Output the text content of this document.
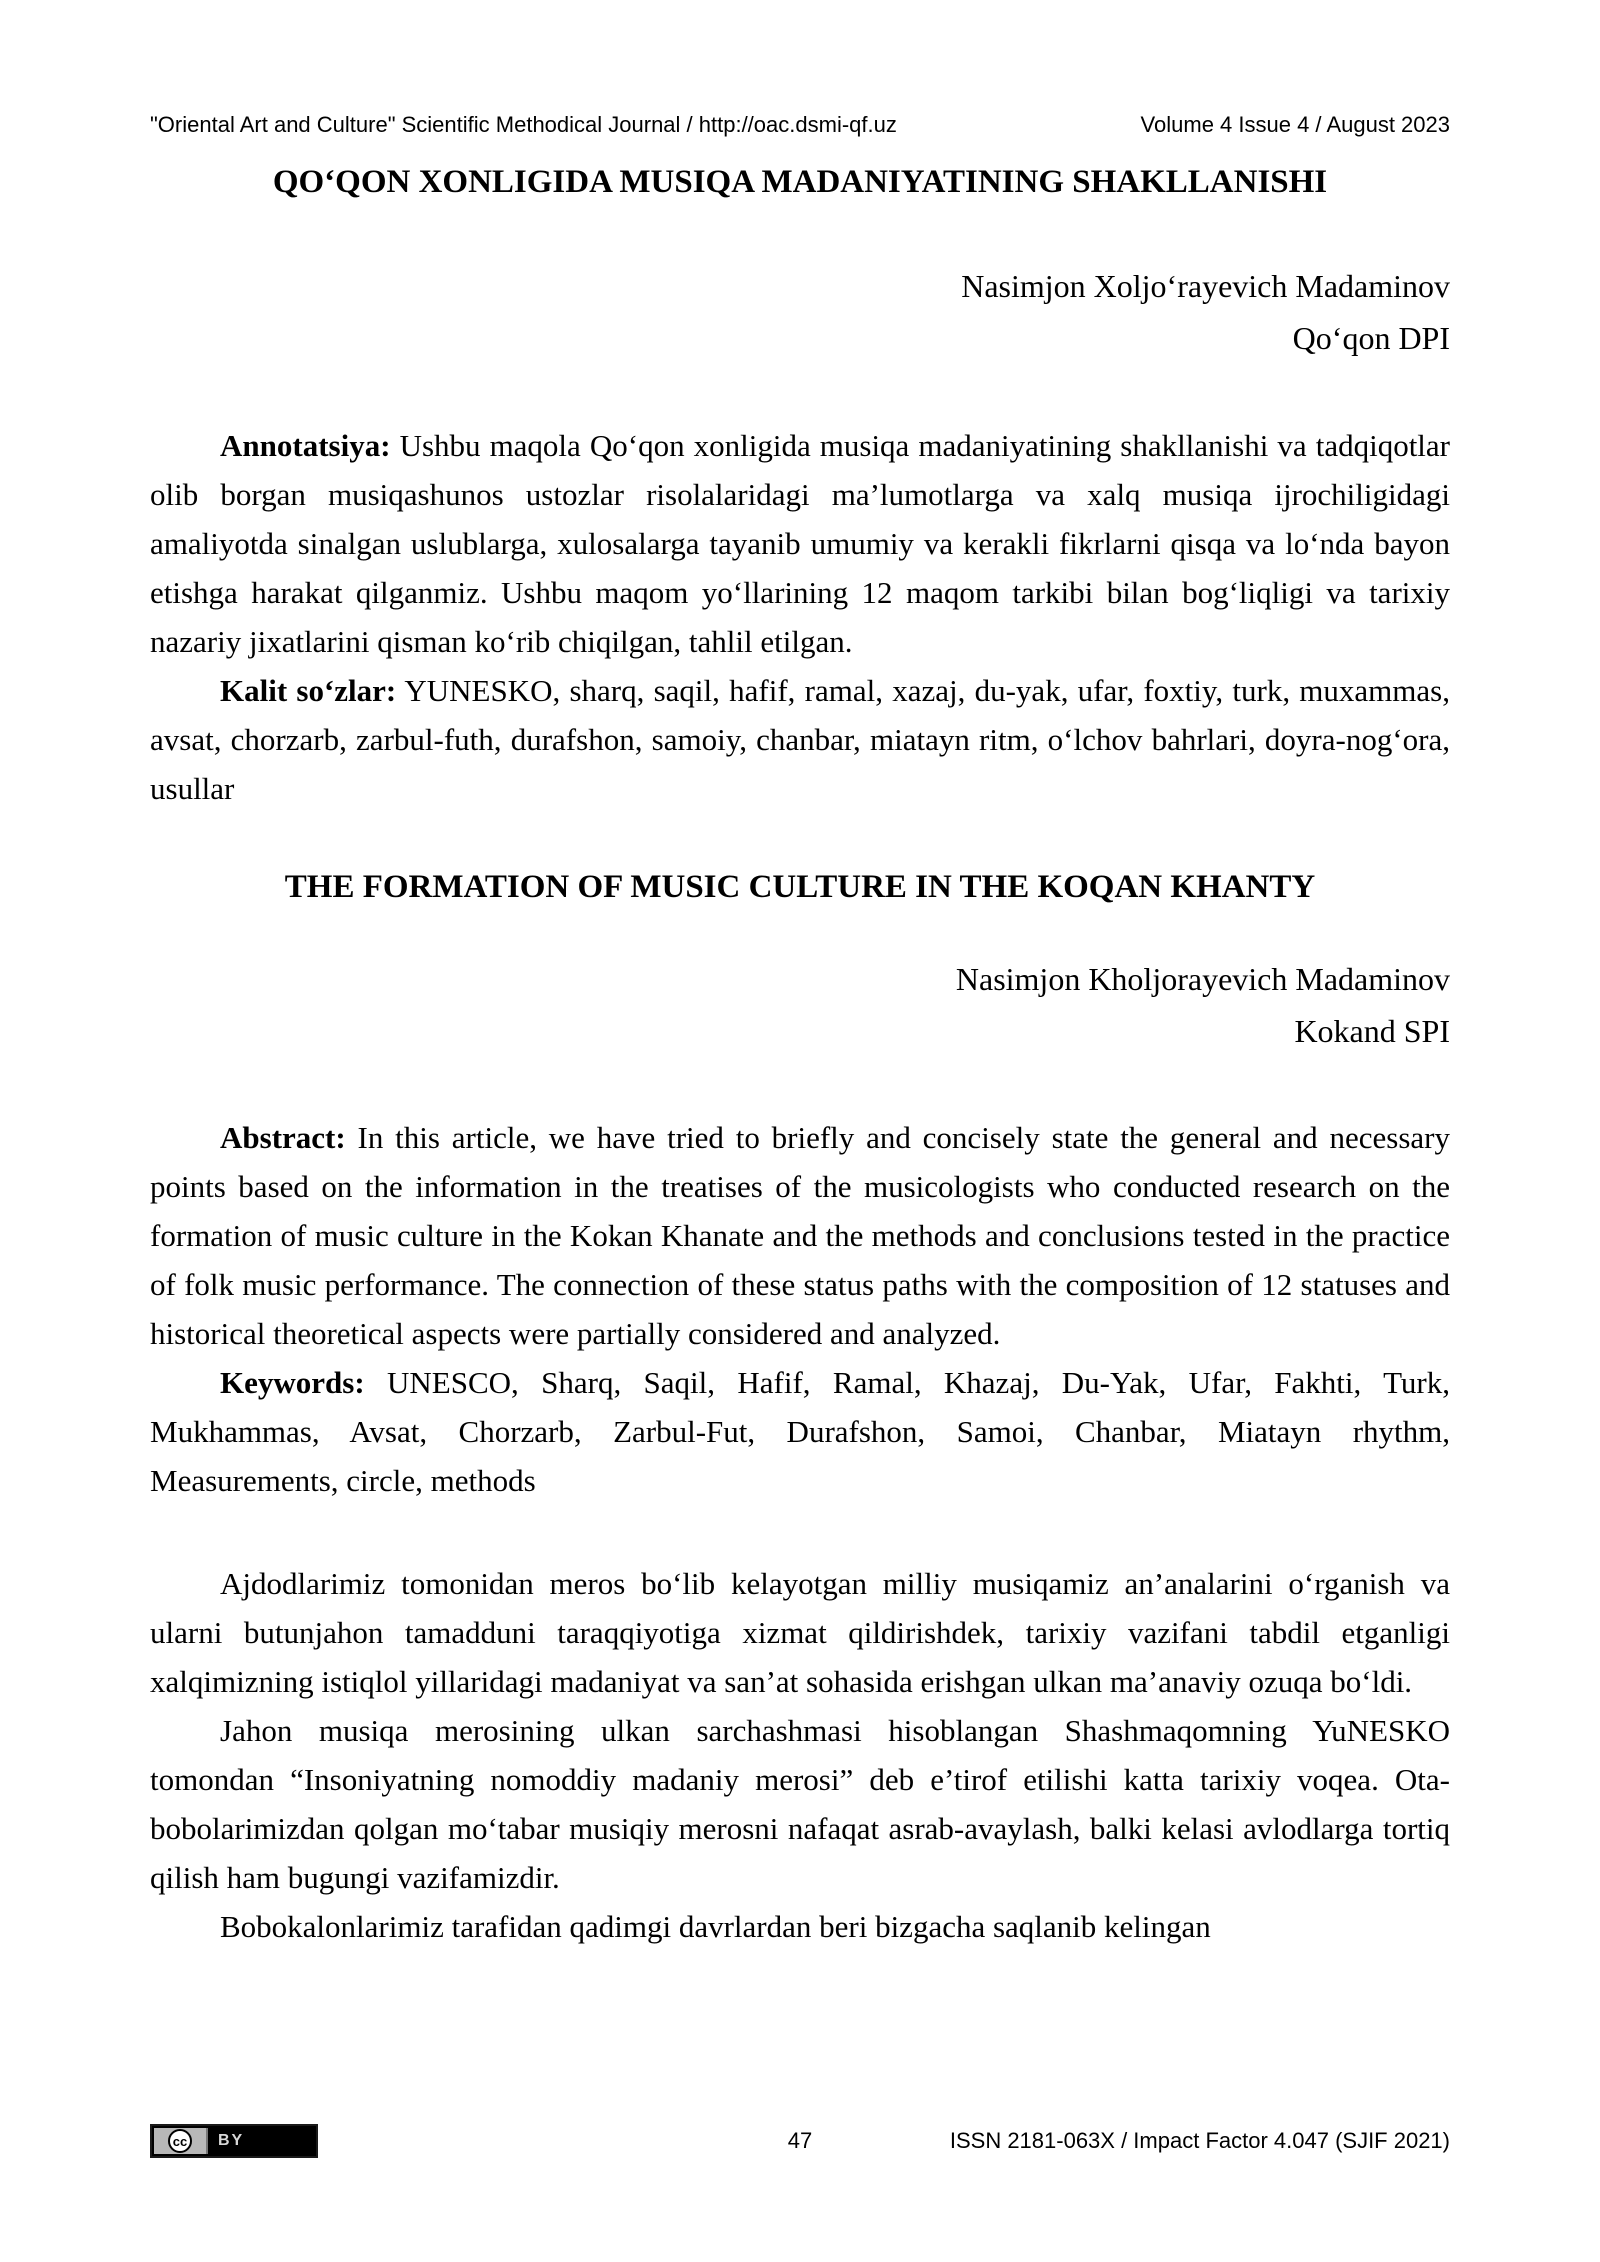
"Oriental Art and Culture" Scientific Methodical Journal / http://oac.dsmi-qf.uz	Volume 4 Issue 4 / August 2023
QO‘QON XONLIGIDA MUSIQA MADANIYATINING SHAKLLANISHI
Nasimjon Xoljo‘rayevich Madaminov
Qo‘qon DPI

Annotatsiya: Ushbu maqola Qo‘qon xonligida musiqa madaniyatining shakllanishi va tadqiqotlar olib borgan musiqashunos ustozlar risolalaridagi ma’lumotlarga va xalq musiqa ijrochiligidagi amaliyotda sinalgan uslublarga, xulosalarga tayanib umumiy va kerakli fikrlarni qisqa va lo‘nda bayon etishga harakat qilganmiz. Ushbu maqom yo‘llarining 12 maqom tarkibi bilan bog‘liqligi va tarixiy nazariy jixatlarini qisman ko‘rib chiqilgan, tahlil etilgan.

Kalit so‘zlar: YUNESKO, sharq, saqil, hafif, ramal, xazaj, du-yak, ufar, foxtiy, turk, muxammas, avsat, chorzarb, zarbul-futh, durafshon, samoiy, chanbar, miatayn ritm, o‘lchov bahrlari, doyra-nog‘ora, usullar

THE FORMATION OF MUSIC CULTURE IN THE KOQAN KHANTY
Nasimjon Kholjorayevich Madaminov
Kokand SPI

Abstract: In this article, we have tried to briefly and concisely state the general and necessary points based on the information in the treatises of the musicologists who conducted research on the formation of music culture in the Kokan Khanate and the methods and conclusions tested in the practice of folk music performance. The connection of these status paths with the composition of 12 statuses and historical theoretical aspects were partially considered and analyzed.

Keywords: UNESCO, Sharq, Saqil, Hafif, Ramal, Khazaj, Du-Yak, Ufar, Fakhti, Turk, Mukhammas, Avsat, Chorzarb, Zarbul-Fut, Durafshon, Samoi, Chanbar, Miatayn rhythm, Measurements, circle, methods

Ajdodlarimiz tomonidan meros bo‘lib kelayotgan milliy musiqamiz an’analarini o‘rganish va ularni butunjahon tamadduni taraqqiyotiga xizmat qildirishdek, tarixiy vazifani tabdil etganligi xalqimizning istiqlol yillaridagi madaniyat va san’at sohasida erishgan ulkan ma’anaviy ozuqa bo‘ldi.

Jahon musiqa merosining ulkan sarchashmasi hisoblangan Shashmaqomning YuNESKO tomondan “Insoniyatning nomoddiy madaniy merosi” deb e’tirof etilishi katta tarixiy voqea. Ota-bobolarimizdan qolgan mo‘tabar musiqiy merosni nafaqat asrab-avaylash, balki kelasi avlodlarga tortiq qilish ham bugungi vazifamizdir.

Bobokalonlarimiz tarafidan qadimgi davrlardan beri bizgacha saqlanib kelingan

cc	BY	47	ISSN 2181-063X / Impact Factor 4.047 (SJIF 2021)
